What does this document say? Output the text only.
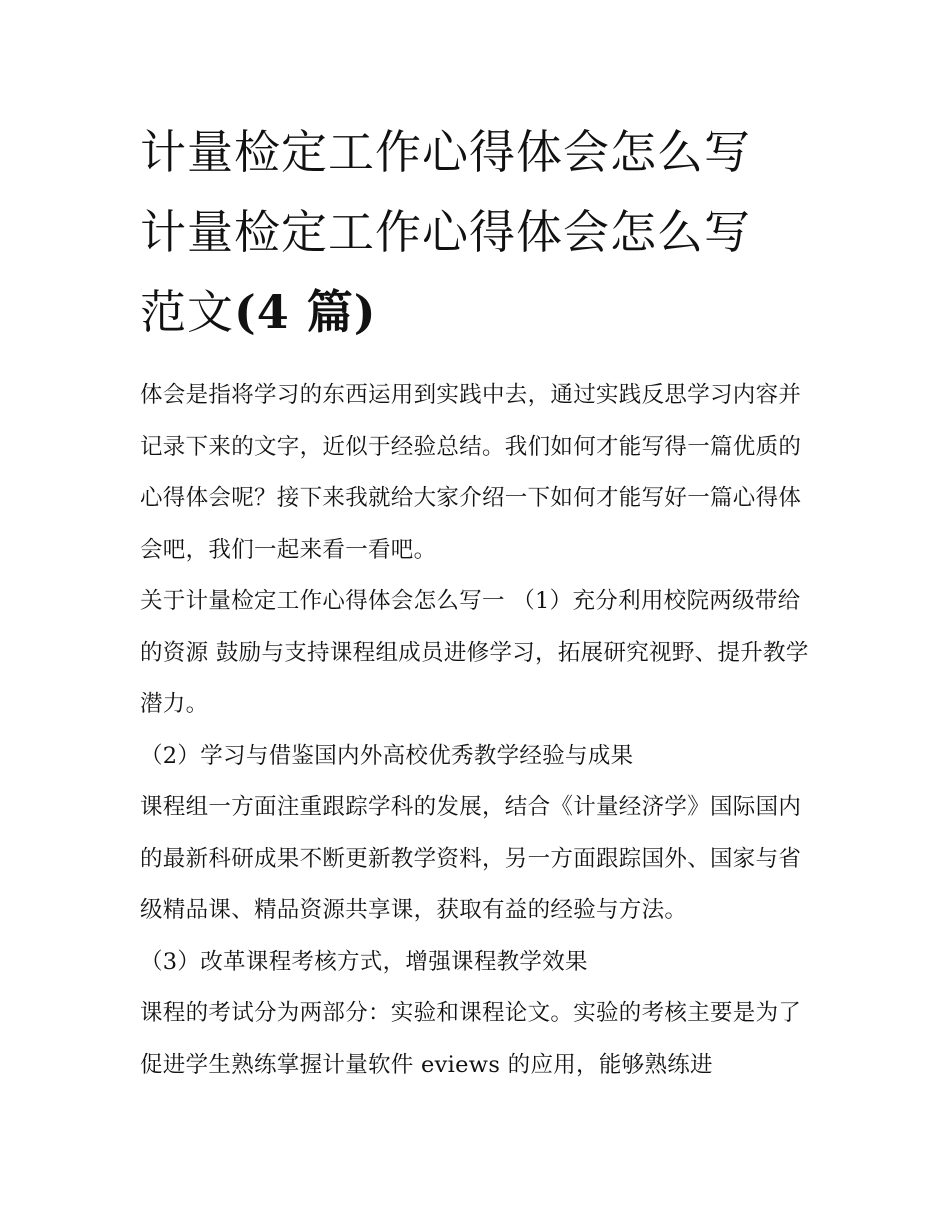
计量检定工作心得体会怎么写
计量检定工作心得体会怎么写
范文(4 篇)

体会是指将学习的东西运用到实践中去，通过实践反思学习内容并记录下来的文字，近似于经验总结。我们如何才能写得一篇优质的心得体会呢？接下来我就给大家介绍一下如何才能写好一篇心得体会吧，我们一起来看一看吧。

关于计量检定工作心得体会怎么写一 （1）充分利用校院两级带给的资源 鼓励与支持课程组成员进修学习，拓展研究视野、提升教学潜力。

（2）学习与借鉴国内外高校优秀教学经验与成果

课程组一方面注重跟踪学科的发展，结合《计量经济学》国际国内的最新科研成果不断更新教学资料，另一方面跟踪国外、国家与省级精品课、精品资源共享课，获取有益的经验与方法。

（3）改革课程考核方式，增强课程教学效果

课程的考试分为两部分：实验和课程论文。实验的考核主要是为了促进学生熟练掌握计量软件 eviews 的应用，能够熟练进
